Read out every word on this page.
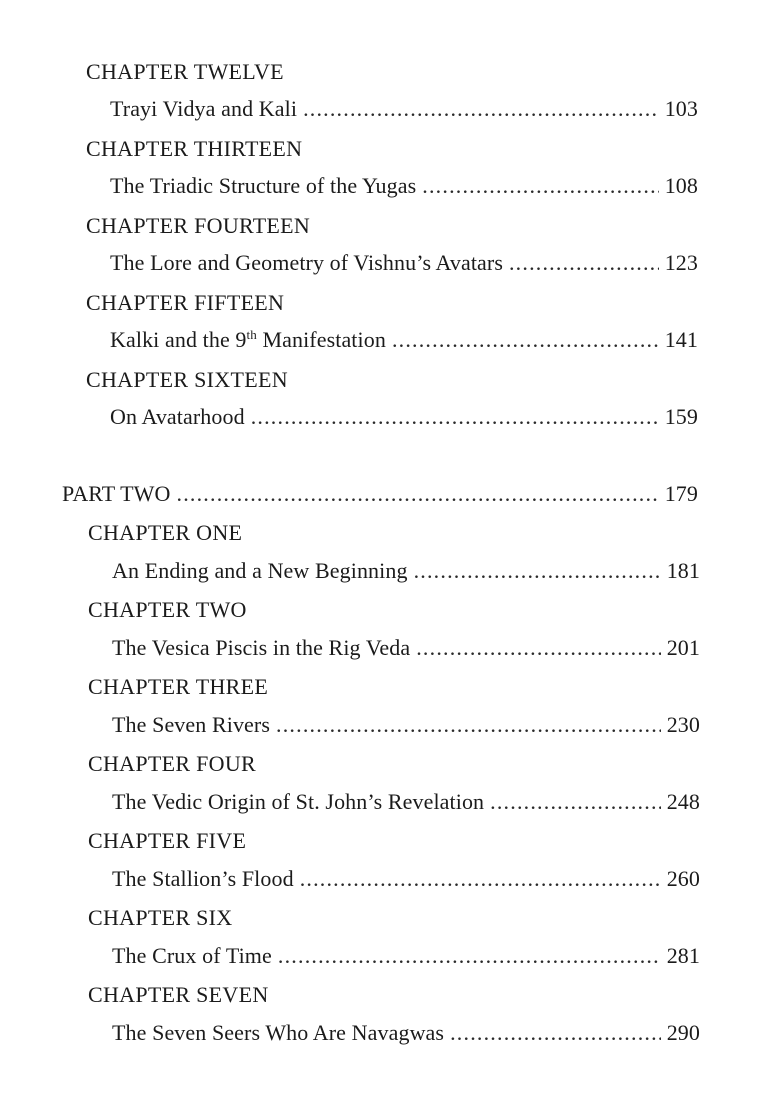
CHAPTER TWELVE
Trayi Vidya and Kali .....	103
CHAPTER THIRTEEN
The Triadic Structure of the Yugas .....	108
CHAPTER FOURTEEN
The Lore and Geometry of Vishnu’s Avatars .....	123
CHAPTER FIFTEEN
Kalki and the 9th Manifestation .....	141
CHAPTER SIXTEEN
On Avatarhood .....	159
PART TWO .....	179
CHAPTER ONE
An Ending and a New Beginning .....	181
CHAPTER TWO
The Vesica Piscis in the Rig Veda .....	201
CHAPTER THREE
The Seven Rivers .....	230
CHAPTER FOUR
The Vedic Origin of St. John’s Revelation .....	248
CHAPTER FIVE
The Stallion’s Flood .....	260
CHAPTER SIX
The Crux of Time .....	281
CHAPTER SEVEN
The Seven Seers Who Are Navagwas .....	290
